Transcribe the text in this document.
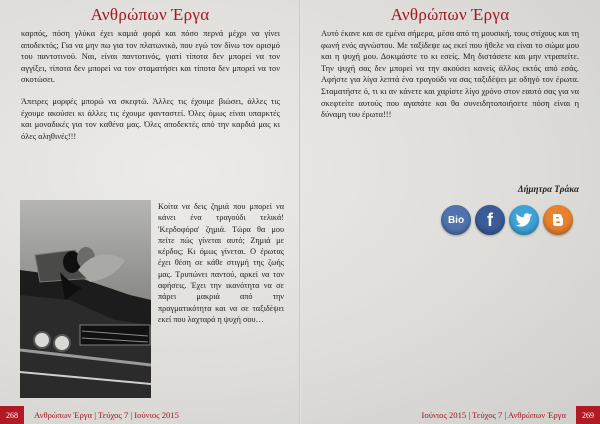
Ανθρώπων Έργα

καρπός, πόση γλύκα έχει καμιά φορά και πόσο περνά μέχρι να γίνει αποδεκτός; Για να μην πω για τον πλατωνικό, που εγώ τον δίνω τον ορισμό του παντοτινού. Ναι, είναι παντοτινός, γιατί τίποτα δεν μπορεί να τον αγγίξει, τίποτα δεν μπορεί να τον σταματήσει και τίποτα δεν μπορεί να τον σκοτώσει.

Άπειρες μορφές μπορώ να σκεφτώ. Άλλες τις έχουμε βιώσει, άλλες τις έχουμε ακούσει κι άλλες τις έχουμε φανταστεί. Όλες όμως είναι υπαρκτές και μοναδικές για τον καθένα μας. Όλες αποδεκτές από την καρδιά μας κι όλες αληθινές!!!

Κοίτα να δεις ζημιά που μπορεί να κάνει ένα τραγούδι τελικά! 'Κερδοφόρα' ζημιά. Τώρα θα μου πείτε πώς γίνεται αυτό; Ζημιά με κέρδος; Κι όμως γίνεται. Ο έρωτας έχει θέση σε κάθε στιγμή της ζωής μας. Τρυπώνει παντού, αρκεί να τον αφήσεις. Έχει την ικανότητα να σε πάρει μακριά από την πραγματικότητα και να σε ταξιδέψει εκεί που λαχταρά η ψυχή σου…
268	Ανθρώπων Έργα | Τεύχος 7 | Ιούνιος 2015
Ανθρώπων Έργα

Αυτό έκανε και σε εμένα σήμερα, μέσα από τη μουσική, τους στίχους και τη φωνή ενός αγνώστου. Με ταξίδεψε ως εκεί που ήθελε να είναι το σώμα μου και η ψυχή μου. Δοκιμάστε το κι εσείς. Μη διστάσετε και μην ντραπείτε. Την ψυχή σας δεν μπορεί να την ακούσει κανείς άλλος εκτός από εσάς. Αφήστε για λίγα λεπτά ένα τραγούδι να σας ταξιδέψει με οδηγό τον έρωτα. Σταματήστε ό, τι κι αν κάνετε και χαρίστε λίγο χρόνο στον εαυτό σας για να σκεφτείτε αυτούς που αγαπάτε και θα συνειδητοποιήσετε πόση είναι η δύναμη του έρωτα!!!

Δήμητρα Τράκα
Bio f
Ιούνιος 2015 | Τεύχος 7 | Ανθρώπων Έργα	269
